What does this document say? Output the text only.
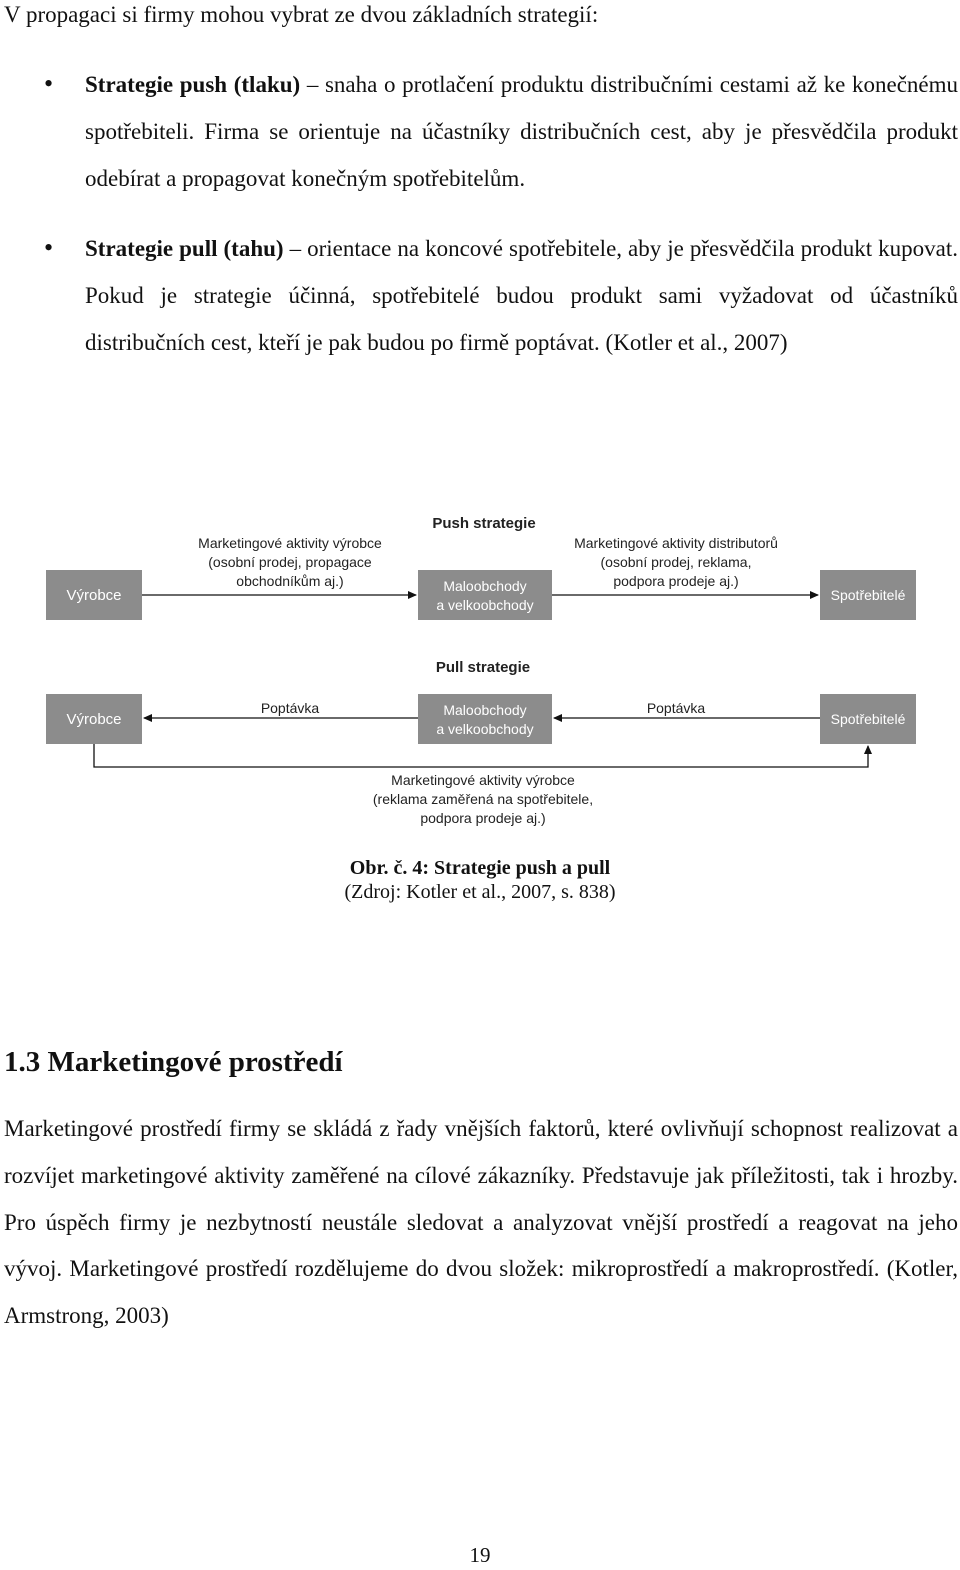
V propagaci si firmy mohou vybrat ze dvou základních strategií:
• Strategie push (tlaku) – snaha o protlačení produktu distribučními cestami až ke konečnému spotřebiteli. Firma se orientuje na účastníky distribučních cest, aby je přesvědčila produkt odebírat a propagovat konečným spotřebitelům.
• Strategie pull (tahu) – orientace na koncové spotřebitele, aby je přesvědčila produkt kupovat. Pokud je strategie účinná, spotřebitelé budou produkt sami vyžadovat od účastníků distribučních cest, kteří je pak budou po firmě poptávat. (Kotler et al., 2007)
Push strategie
Marketingové aktivity výrobce
(osobní prodej, propagace
obchodníkům aj.)
Marketingové aktivity distributorů
(osobní prodej, reklama,
podpora prodeje aj.)
Výrobce
Maloobchody
a velkoobchody
Spotřebitelé
Pull strategie
Výrobce
Poptávka	Maloobchody
a velkoobchody
Poptávka
Spotřebitelé
Marketingové aktivity výrobce
(reklama zaměřená na spotřebitele,
podpora prodeje aj.)
Obr. č. 4: Strategie push a pull
(Zdroj: Kotler et al., 2007, s. 838)
1.3 Marketingové prostředí
Marketingové prostředí firmy se skládá z řady vnějších faktorů, které ovlivňují schopnost realizovat a rozvíjet marketingové aktivity zaměřené na cílové zákazníky. Představuje jak příležitosti, tak i hrozby. Pro úspěch firmy je nezbytností neustále sledovat a analyzovat vnější prostředí a reagovat na jeho vývoj. Marketingové prostředí rozdělujeme do dvou složek: mikroprostředí a makroprostředí. (Kotler, Armstrong, 2003)
19
